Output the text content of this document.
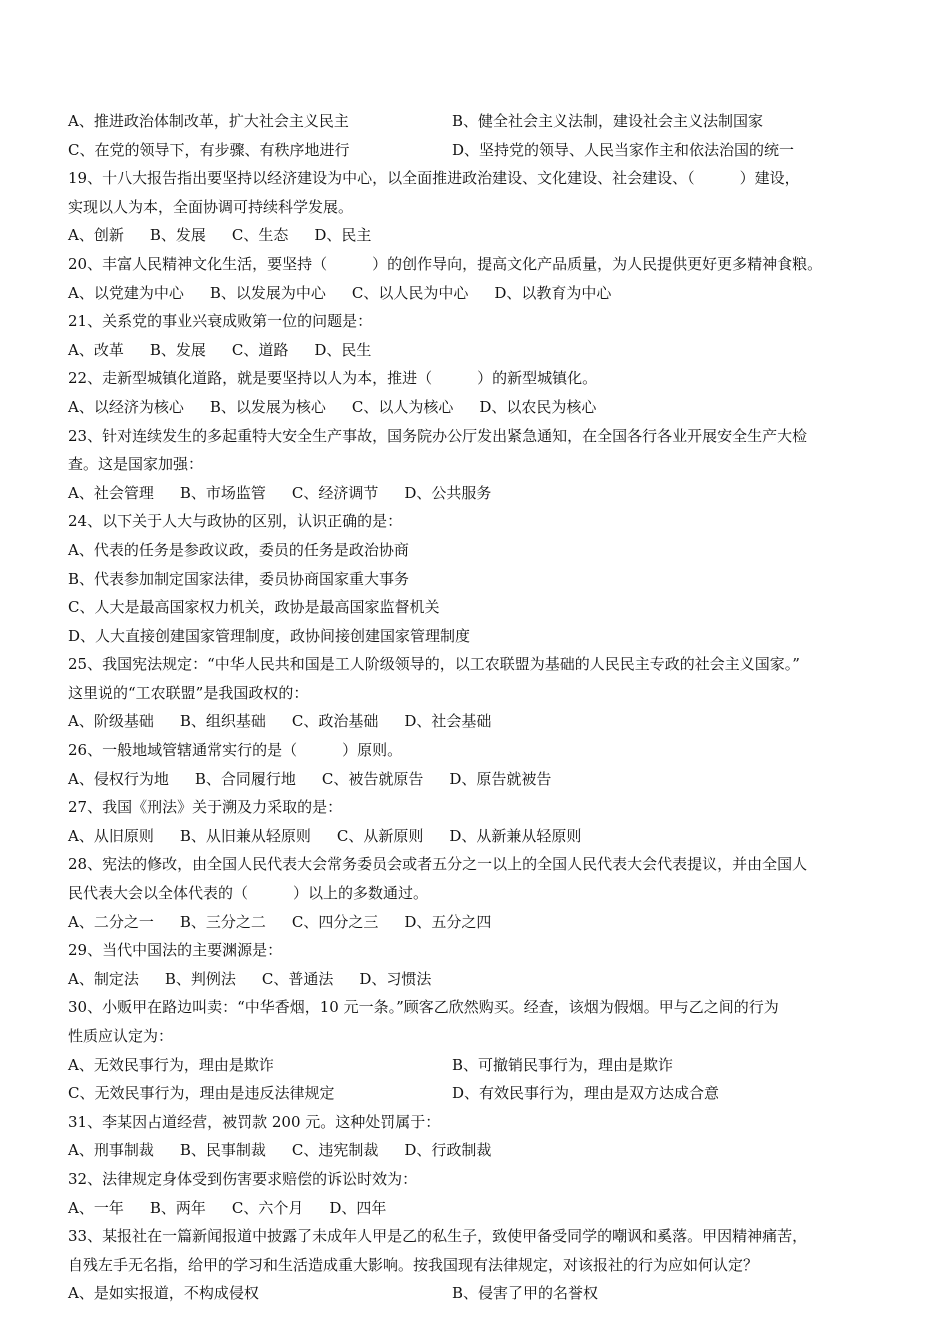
A、推进政治体制改革，扩大社会主义民主	B、健全社会主义法制，建设社会主义法制国家
C、在党的领导下，有步骤、有秩序地进行	D、坚持党的领导、人民当家作主和依法治国的统一
19、十八大报告指出要坚持以经济建设为中心，以全面推进政治建设、文化建设、社会建设、（　　　）建设，
实现以人为本，全面协调可持续科学发展。
A、创新 B、发展 C、生态 D、民主
20、丰富人民精神文化生活，要坚持（　　　）的创作导向，提高文化产品质量，为人民提供更好更多精神食粮。
A、以党建为中心 B、以发展为中心 C、以人民为中心 D、以教育为中心
21、关系党的事业兴衰成败第一位的问题是：
A、改革 B、发展 C、道路 D、民生
22、走新型城镇化道路，就是要坚持以人为本，推进（　　　）的新型城镇化。
A、以经济为核心 B、以发展为核心 C、以人为核心 D、以农民为核心
23、针对连续发生的多起重特大安全生产事故，国务院办公厅发出紧急通知，在全国各行各业开展安全生产大检
查。这是国家加强：
A、社会管理 B、市场监管 C、经济调节 D、公共服务
24、以下关于人大与政协的区别，认识正确的是：
A、代表的任务是参政议政，委员的任务是政治协商
B、代表参加制定国家法律，委员协商国家重大事务
C、人大是最高国家权力机关，政协是最高国家监督机关
D、人大直接创建国家管理制度，政协间接创建国家管理制度
25、我国宪法规定：“中华人民共和国是工人阶级领导的，以工农联盟为基础的人民民主专政的社会主义国家。”
这里说的“工农联盟”是我国政权的：
A、阶级基础 B、组织基础 C、政治基础 D、社会基础
26、一般地域管辖通常实行的是（　　　）原则。
A、侵权行为地 B、合同履行地 C、被告就原告 D、原告就被告
27、我国《刑法》关于溯及力采取的是：
A、从旧原则 B、从旧兼从轻原则 C、从新原则 D、从新兼从轻原则
28、宪法的修改，由全国人民代表大会常务委员会或者五分之一以上的全国人民代表大会代表提议，并由全国人
民代表大会以全体代表的（　　　）以上的多数通过。
A、二分之一 B、三分之二 C、四分之三 D、五分之四
29、当代中国法的主要渊源是：
A、制定法 B、判例法 C、普通法 D、习惯法
30、小贩甲在路边叫卖：“中华香烟，10 元一条。”顾客乙欣然购买。经查，该烟为假烟。甲与乙之间的行为
性质应认定为：
A、无效民事行为，理由是欺诈	B、可撤销民事行为，理由是欺诈
C、无效民事行为，理由是违反法律规定	D、有效民事行为，理由是双方达成合意
31、李某因占道经营，被罚款 200 元。这种处罚属于：
A、刑事制裁 B、民事制裁 C、违宪制裁 D、行政制裁
32、法律规定身体受到伤害要求赔偿的诉讼时效为：
A、一年 B、两年 C、六个月 D、四年
33、某报社在一篇新闻报道中披露了未成年人甲是乙的私生子，致使甲备受同学的嘲讽和奚落。甲因精神痛苦，
自残左手无名指，给甲的学习和生活造成重大影响。按我国现有法律规定，对该报社的行为应如何认定？
A、是如实报道，不构成侵权	B、侵害了甲的名誉权
